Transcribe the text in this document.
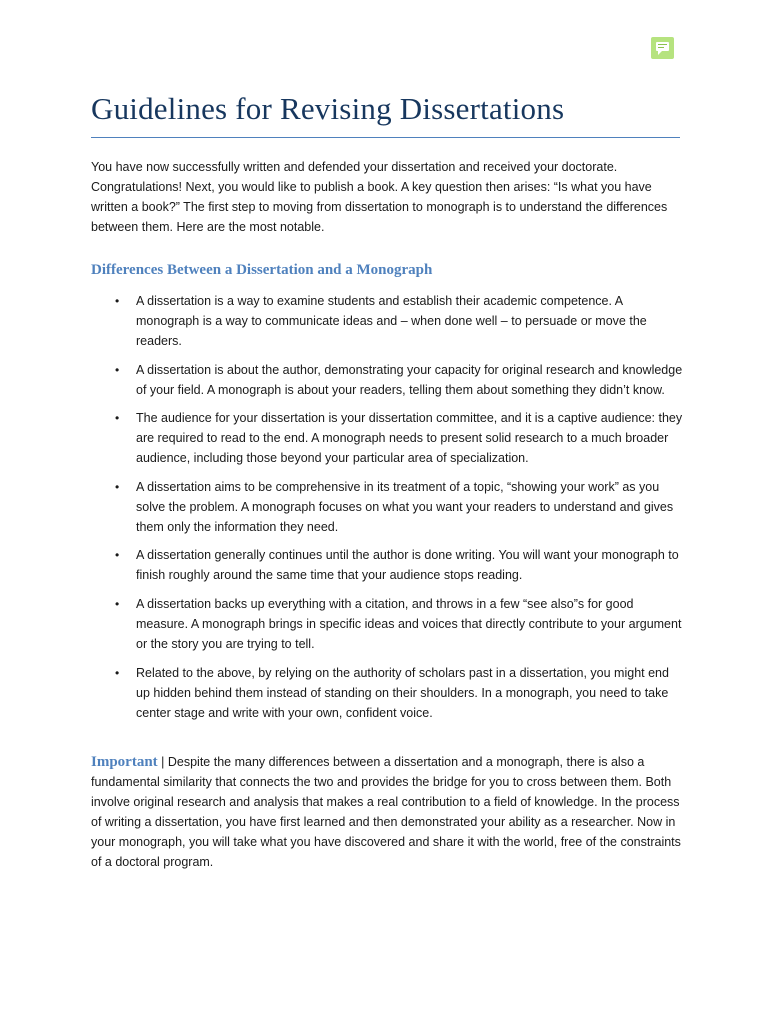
Guidelines for Revising Dissertations

You have now successfully written and defended your dissertation and received your doctorate. Congratulations! Next, you would like to publish a book. A key question then arises: “Is what you have written a book?” The first step to moving from dissertation to monograph is to understand the differences between them. Here are the most notable.

Differences Between a Dissertation and a Monograph
• A dissertation is a way to examine students and establish their academic competence. A monograph is a way to communicate ideas and – when done well – to persuade or move the readers.
• A dissertation is about the author, demonstrating your capacity for original research and knowledge of your field. A monograph is about your readers, telling them about something they didn’t know.
• The audience for your dissertation is your dissertation committee, and it is a captive audience: they are required to read to the end. A monograph needs to present solid research to a much broader audience, including those beyond your particular area of specialization.
• A dissertation aims to be comprehensive in its treatment of a topic, “showing your work” as you solve the problem. A monograph focuses on what you want your readers to understand and gives them only the information they need.
• A dissertation generally continues until the author is done writing. You will want your monograph to finish roughly around the same time that your audience stops reading.
• A dissertation backs up everything with a citation, and throws in a few “see also”s for good measure. A monograph brings in specific ideas and voices that directly contribute to your argument or the story you are trying to tell.
• Related to the above, by relying on the authority of scholars past in a dissertation, you might end up hidden behind them instead of standing on their shoulders. In a monograph, you need to take center stage and write with your own, confident voice.

Important | Despite the many differences between a dissertation and a monograph, there is also a fundamental similarity that connects the two and provides the bridge for you to cross between them. Both involve original research and analysis that makes a real contribution to a field of knowledge. In the process of writing a dissertation, you have first learned and then demonstrated your ability as a researcher. Now in your monograph, you will take what you have discovered and share it with the world, free of the constraints of a doctoral program.
